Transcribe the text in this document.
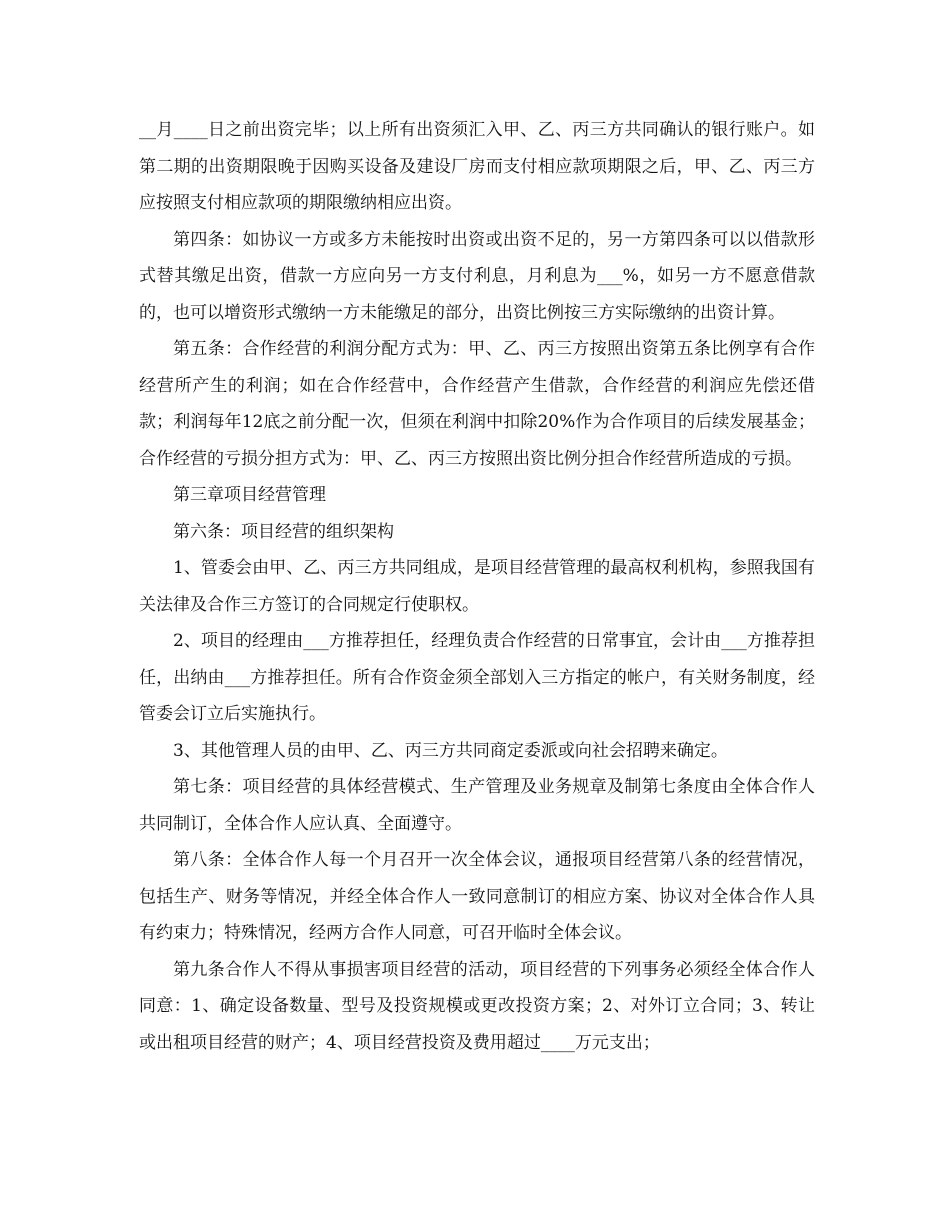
__月____日之前出资完毕；以上所有出资须汇入甲、乙、丙三方共同确认的银行账户。如第二期的出资期限晚于因购买设备及建设厂房而支付相应款项期限之后，甲、乙、丙三方应按照支付相应款项的期限缴纳相应出资。

第四条：如协议一方或多方未能按时出资或出资不足的，另一方第四条可以以借款形式替其缴足出资，借款一方应向另一方支付利息，月利息为___%，如另一方不愿意借款的，也可以增资形式缴纳一方未能缴足的部分，出资比例按三方实际缴纳的出资计算。

第五条：合作经营的利润分配方式为：甲、乙、丙三方按照出资第五条比例享有合作经营所产生的利润；如在合作经营中，合作经营产生借款，合作经营的利润应先偿还借款；利润每年12底之前分配一次，但须在利润中扣除20%作为合作项目的后续发展基金；合作经营的亏损分担方式为：甲、乙、丙三方按照出资比例分担合作经营所造成的亏损。

第三章项目经营管理

第六条：项目经营的组织架构

1、管委会由甲、乙、丙三方共同组成，是项目经营管理的最高权利机构，参照我国有关法律及合作三方签订的合同规定行使职权。

2、项目的经理由___方推荐担任，经理负责合作经营的日常事宜，会计由___方推荐担任，出纳由___方推荐担任。所有合作资金须全部划入三方指定的帐户，有关财务制度，经管委会订立后实施执行。

3、其他管理人员的由甲、乙、丙三方共同商定委派或向社会招聘来确定。

第七条：项目经营的具体经营模式、生产管理及业务规章及制第七条度由全体合作人共同制订，全体合作人应认真、全面遵守。

第八条：全体合作人每一个月召开一次全体会议，通报项目经营第八条的经营情况，包括生产、财务等情况，并经全体合作人一致同意制订的相应方案、协议对全体合作人具有约束力；特殊情况，经两方合作人同意，可召开临时全体会议。

第九条合作人不得从事损害项目经营的活动，项目经营的下列事务必须经全体合作人同意：1、确定设备数量、型号及投资规模或更改投资方案；2、对外订立合同；3、转让或出租项目经营的财产；4、项目经营投资及费用超过____万元支出；
